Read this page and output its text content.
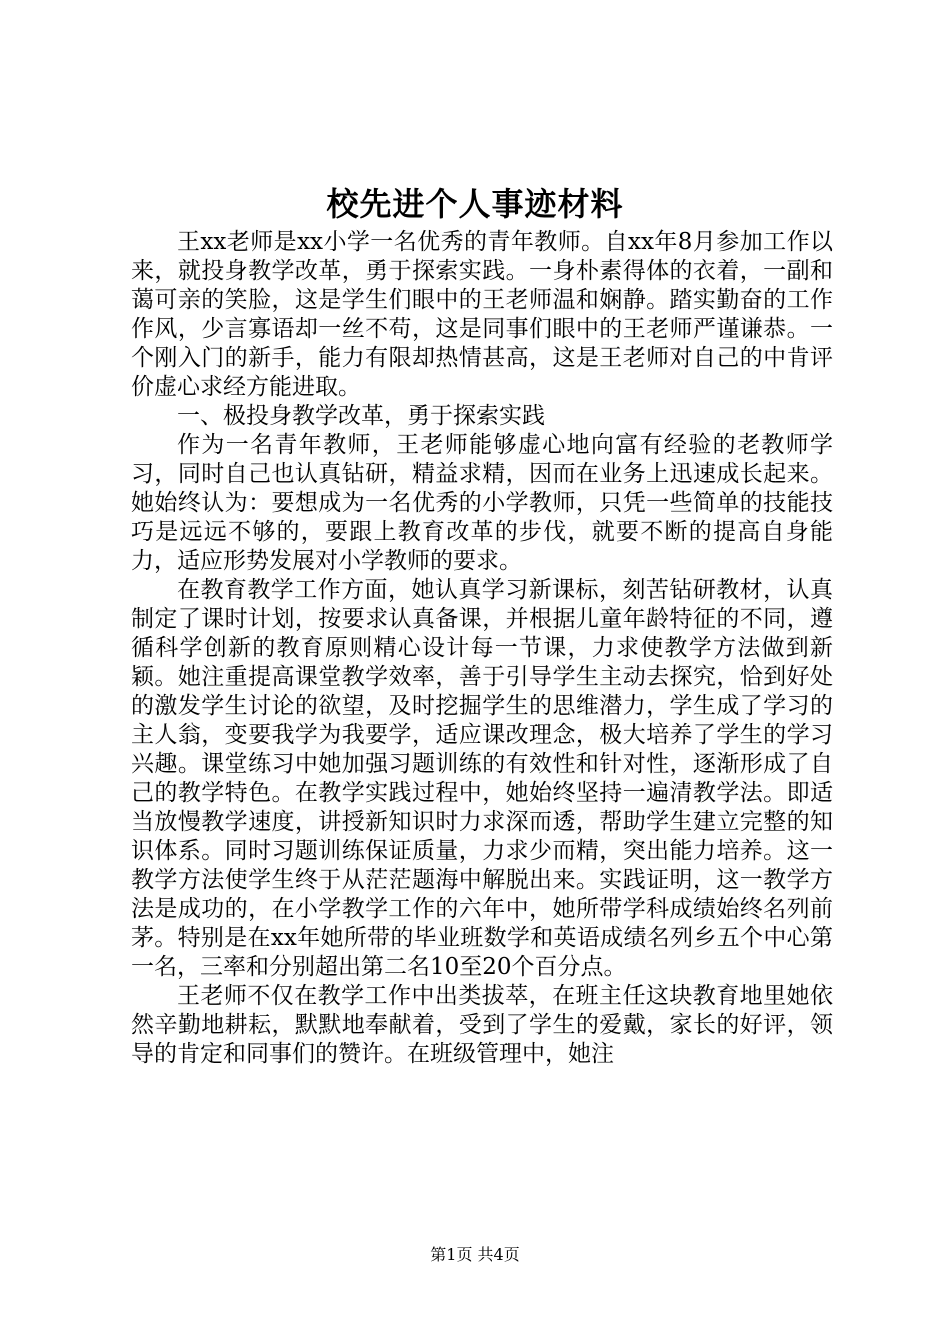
校先进个人事迹材料

王xx老师是xx小学一名优秀的青年教师。自xx年8月参加工作以来，就投身教学改革，勇于探索实践。一身朴素得体的衣着，一副和蔼可亲的笑脸，这是学生们眼中的王老师温和娴静。踏实勤奋的工作作风，少言寡语却一丝不苟，这是同事们眼中的王老师严谨谦恭。一个刚入门的新手，能力有限却热情甚高，这是王老师对自己的中肯评价虚心求经方能进取。

一、极投身教学改革，勇于探索实践

作为一名青年教师，王老师能够虚心地向富有经验的老教师学习，同时自己也认真钻研，精益求精，因而在业务上迅速成长起来。她始终认为：要想成为一名优秀的小学教师，只凭一些简单的技能技巧是远远不够的，要跟上教育改革的步伐，就要不断的提高自身能力，适应形势发展对小学教师的要求。

在教育教学工作方面，她认真学习新课标，刻苦钻研教材，认真制定了课时计划，按要求认真备课，并根据儿童年龄特征的不同，遵循科学创新的教育原则精心设计每一节课，力求使教学方法做到新颖。她注重提高课堂教学效率，善于引导学生主动去探究，恰到好处的激发学生讨论的欲望，及时挖掘学生的思维潜力，学生成了学习的主人翁，变要我学为我要学，适应课改理念，极大培养了学生的学习兴趣。课堂练习中她加强习题训练的有效性和针对性，逐渐形成了自己的教学特色。在教学实践过程中，她始终坚持一遍清教学法。即适当放慢教学速度，讲授新知识时力求深而透，帮助学生建立完整的知识体系。同时习题训练保证质量，力求少而精，突出能力培养。这一教学方法使学生终于从茫茫题海中解脱出来。实践证明，这一教学方法是成功的，在小学教学工作的六年中，她所带学科成绩始终名列前茅。特别是在xx年她所带的毕业班数学和英语成绩名列乡五个中心第一名，三率和分别超出第二名10至20个百分点。

王老师不仅在教学工作中出类拔萃，在班主任这块教育地里她依然辛勤地耕耘，默默地奉献着，受到了学生的爱戴，家长的好评，领导的肯定和同事们的赞许。在班级管理中，她注

第1页 共4页
